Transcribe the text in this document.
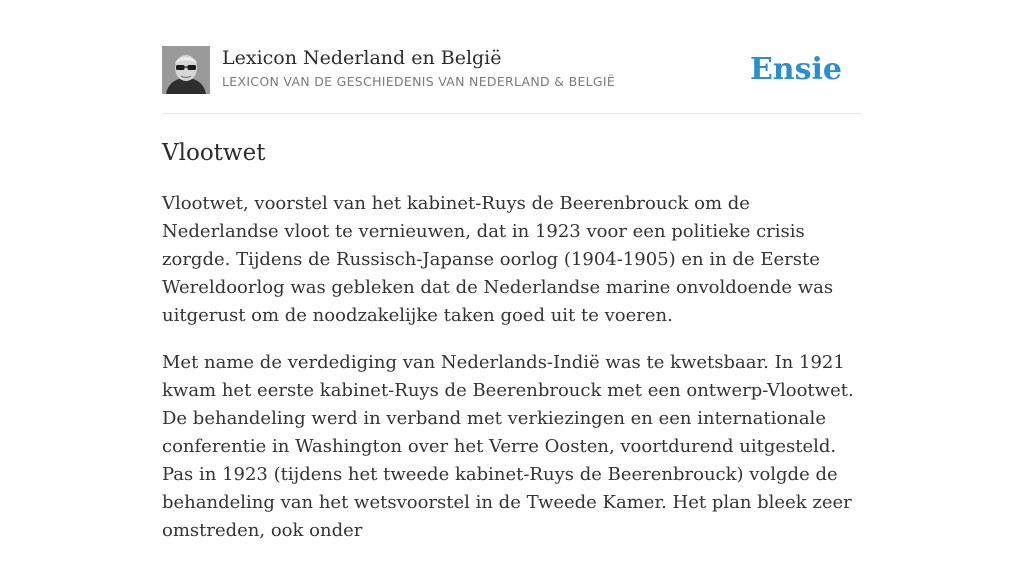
Lexicon Nederland en België
LEXICON VAN DE GESCHIEDENIS VAN NEDERLAND & BELGIË	Ensie
Vlootwet

Vlootwet, voorstel van het kabinet-Ruys de Beerenbrouck om de Nederlandse vloot te vernieuwen, dat in 1923 voor een politieke crisis zorgde. Tijdens de Russisch-Japanse oorlog (1904-1905) en in de Eerste Wereldoorlog was gebleken dat de Nederlandse marine onvoldoende was uitgerust om de noodzakelijke taken goed uit te voeren.

Met name de verdediging van Nederlands-Indië was te kwetsbaar. In 1921 kwam het eerste kabinet-Ruys de Beerenbrouck met een ontwerp-Vlootwet. De behandeling werd in verband met verkiezingen en een internationale conferentie in Washington over het Verre Oosten, voortdurend uitgesteld. Pas in 1923 (tijdens het tweede kabinet-Ruys de Beerenbrouck) volgde de behandeling van het wetsvoorstel in de Tweede Kamer. Het plan bleek zeer omstreden, ook onder
